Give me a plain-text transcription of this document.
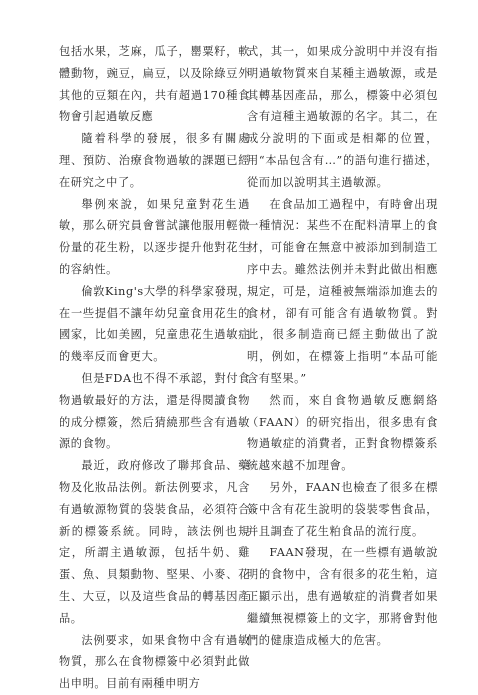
包括水果，芝麻，瓜子，罌粟籽，軟體動物，豌豆，扁豆，以及除綠豆外其他的豆類在內，共有超過170種食物會引起過敏反應

隨着科學的發展，很多有關處理、預防、治療食物過敏的課題已經在研究之中了。

舉例來說，如果兒童對花生過敏，那么研究員會嘗試讓他服用輕微份量的花生粉，以逐步提升他對花生的容納性。

倫敦King's大學的科學家發現，在一些提倡不讓年幼兒童食用花生的國家，比如美國，兒童患花生過敏症的幾率反而會更大。

但是FDA也不得不承認，對付食物過敏最好的方法，還是得閱讀食物的成分標簽，然后猜繞那些含有過敏源的食物。

最近，政府修改了聯邦食品、藥物及化妝品法例。新法例要求，凡含有過敏源物質的袋裝食品，必須符合新的標簽系統。同時，該法例也規定，所謂主過敏源，包括牛奶、雞蛋、魚、貝類動物、堅果、小麥、花生、大豆，以及這些食品的轉基因產品。

法例要求，如果食物中含有過敏物質，那么在食物標簽中必須對此做出申明。目前有兩種申明方

式，其一，如果成分說明中并沒有指明過敏物質來自某種主過敏源，或是其轉基因產品，那么，標簽中必須包含有這種主過敏源的名字。其二，在成分說明的下面或是相鄰的位置，用“本品包含有…”的語句進行描述，從而加以說明其主過敏源。

在食品加工過程中，有時會出現一種情況：某些不在配料清單上的食材，可能會在無意中被添加到制造工序中去。雖然法例并未對此做出相應規定，可是，這種被無端添加進去的食材，卻有可能含有過敏物質。對此，很多制造商已經主動做出了說明，例如，在標簽上指明“本品可能含有堅果。”

然而，來自食物過敏反應網絡（FAAN）的研究指出，很多患有食物過敏症的消費者，正對食物標簽系統越來越不加理會。

另外，FAAN也檢查了很多在標簽中含有花生說明的袋裝零售食品，并且調查了花生粕食品的流行度。

FAAN發現，在一些標有過敏說明的食物中，含有很多的花生粕，這正顯示出，患有過敏症的消費者如果繼續無視標簽上的文字，那將會對他們的健康造成極大的危害。
